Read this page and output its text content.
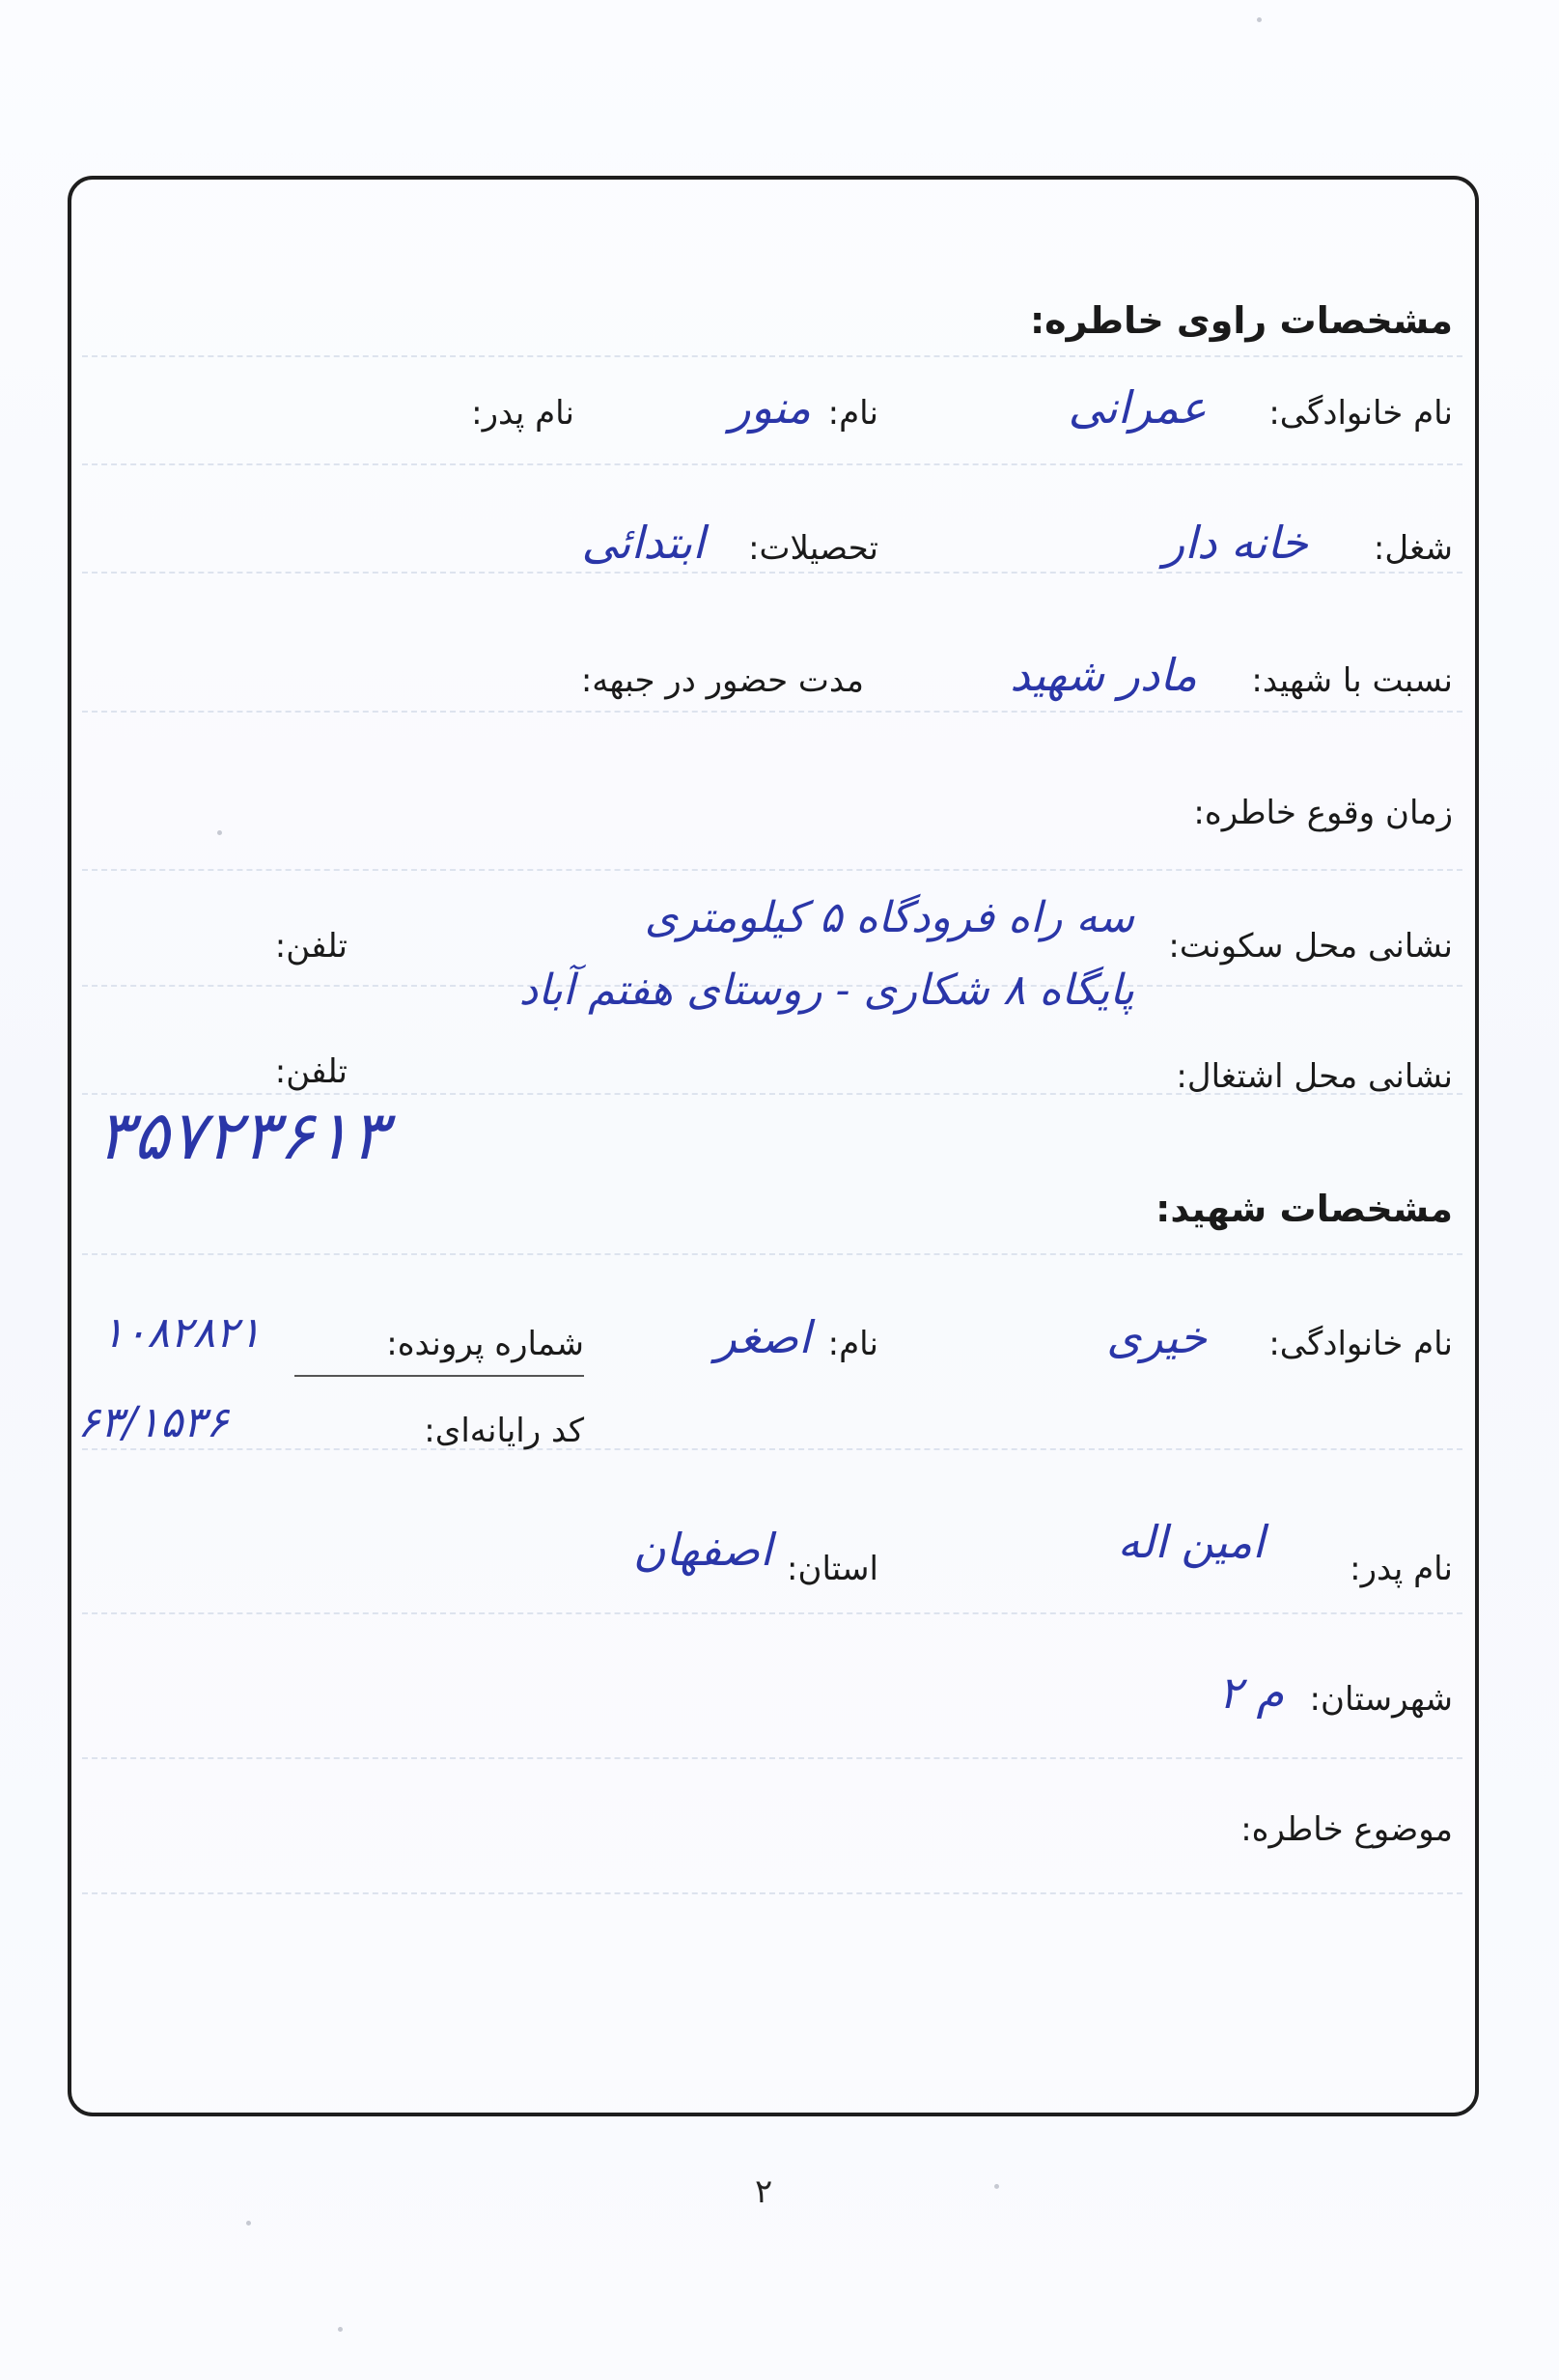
مشخصات راوی خاطره:
نام خانوادگی:
عمرانی
نام:
منور
نام پدر:
شغل:
خانه دار
تحصیلات:
ابتدائی
نسبت با شهید:
مادر شهید
مدت حضور در جبهه:
زمان وقوع خاطره:
نشانی محل سکونت:
سه راه فرودگاه ۵ کیلومتری
پایگاه ۸ شکاری - روستای هفتم آباد
تلفن:
نشانی محل اشتغال:
تلفن:
۳۵۷۲۳۶۱۳
مشخصات شهید:
نام خانوادگی:
خیری
نام:
اصغر
شماره پرونده:
۱۰۸۲۸۲۱
کد رایانه‌ای:
۶۳/۱۵۳۶
نام پدر:
امین اله
استان:
اصفهان
شهرستان:
م ۲
موضوع خاطره:
۲
